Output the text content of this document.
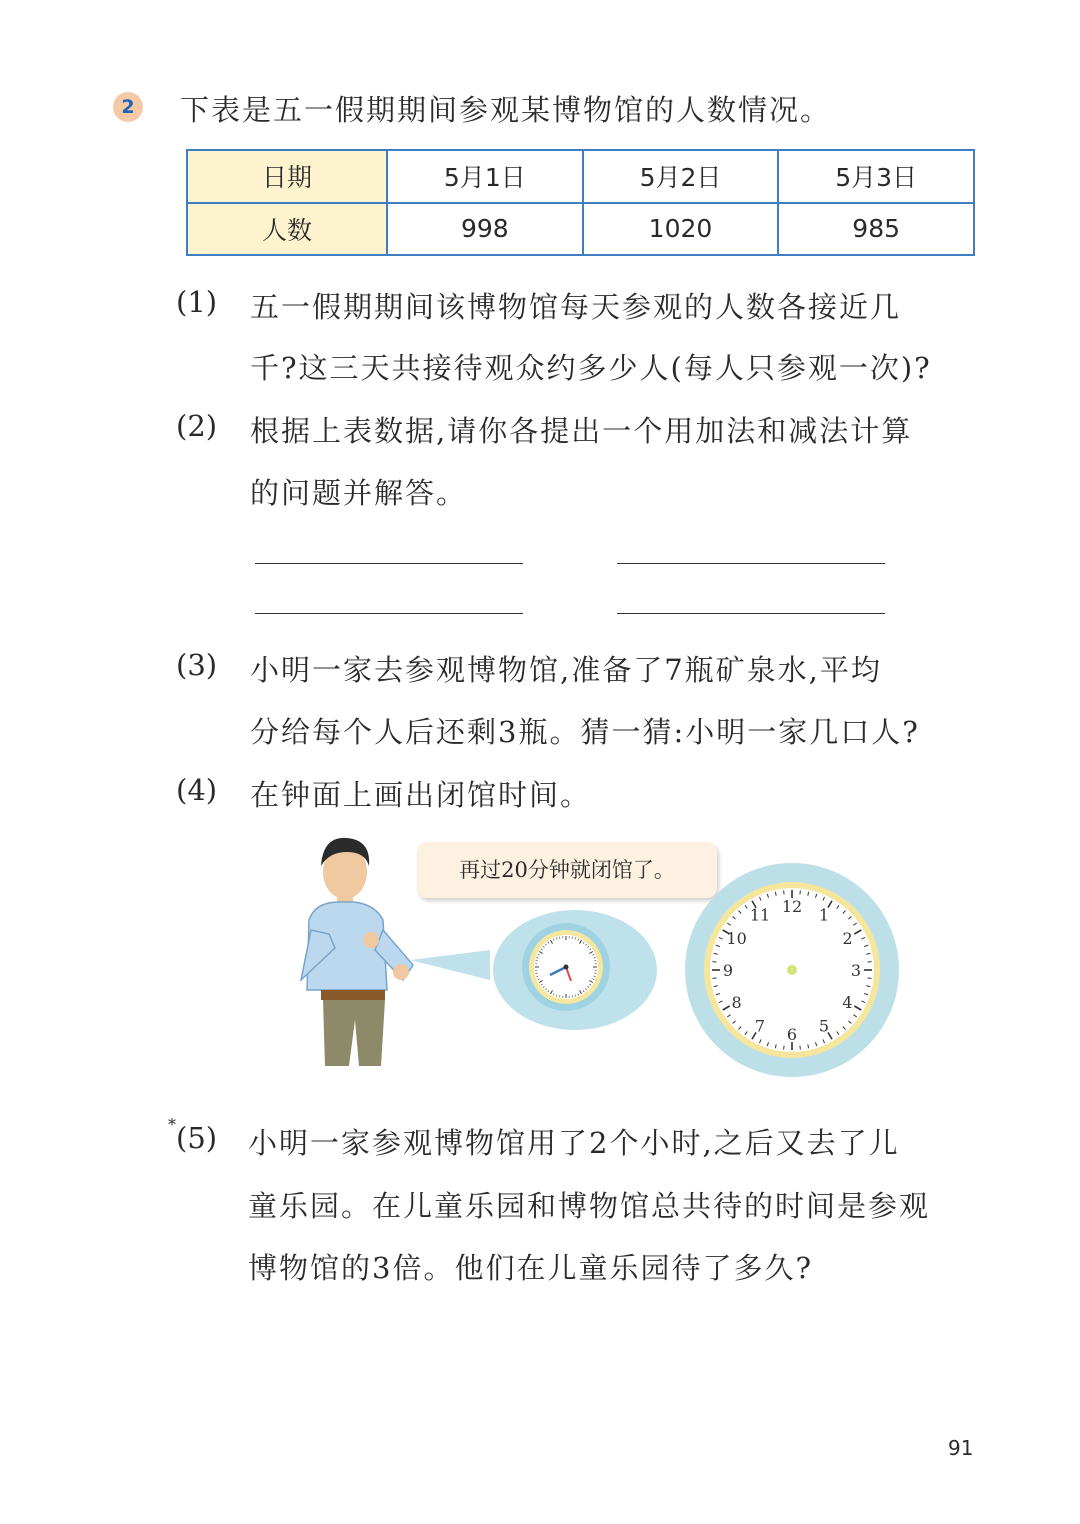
2 下表是五一假期期间参观某博物馆的人数情况。
日期	5月1日	5月2日	5月3日
人数	998	1020	985
(1) 五一假期期间该博物馆每天参观的人数各接近几
千?这三天共接待观众约多少人(每人只参观一次)?
(2) 根据上表数据,请你各提出一个用加法和减法计算
的问题并解答。
(3) 小明一家去参观博物馆,准备了7瓶矿泉水,平均
分给每个人后还剩3瓶。猜一猜:小明一家几口人?
(4) 在钟面上画出闭馆时间。
再过20分钟就闭馆了。
12 1
2
3
4
5
6
7
8
9
10
11
* (5) 小明一家参观博物馆用了2个小时,之后又去了儿
童乐园。在儿童乐园和博物馆总共待的时间是参观
博物馆的3倍。他们在儿童乐园待了多久?
91
